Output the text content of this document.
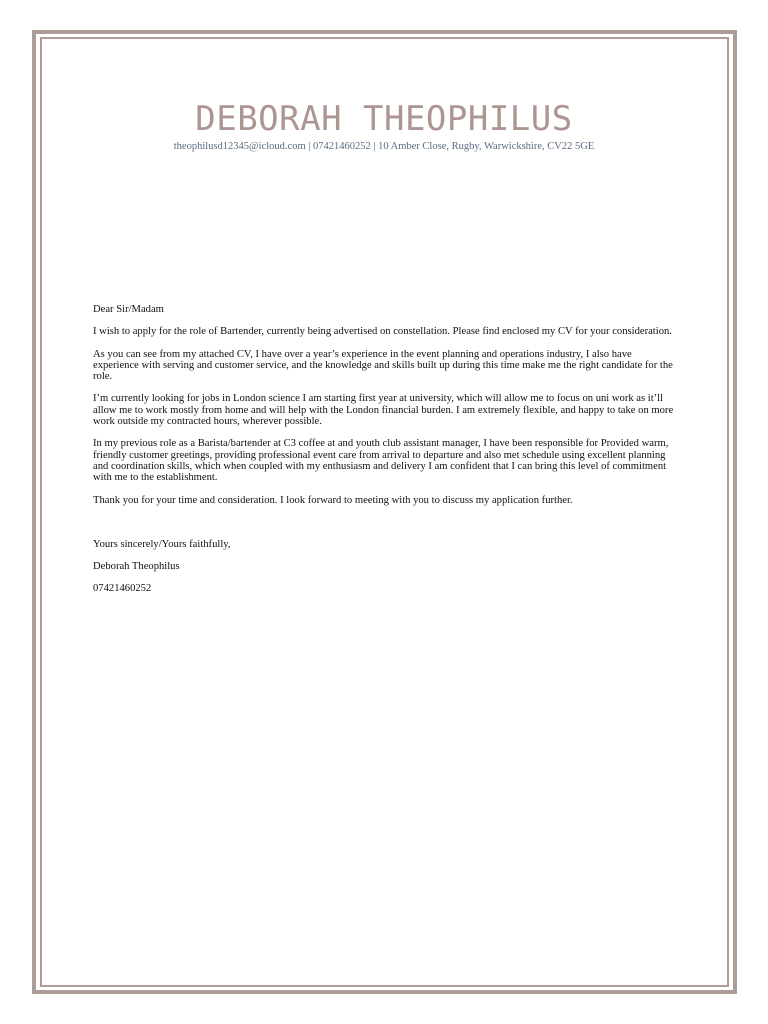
DEBORAH THEOPHILUS
theophilusd12345@icloud.com | 07421460252 | 10 Amber Close, Rugby, Warwickshire, CV22 5GE

Dear Sir/Madam

I wish to apply for the role of Bartender, currently being advertised on constellation. Please find enclosed my CV for your consideration.

As you can see from my attached CV, I have over a year’s experience in the event planning and operations industry, I also have experience with serving and customer service, and the knowledge and skills built up during this time make me the right candidate for the role.

I’m currently looking for jobs in London science I am starting first year at university, which will allow me to focus on uni work as it’ll allow me to work mostly from home and will help with the London financial burden. I am extremely flexible, and happy to take on more work outside my contracted hours, wherever possible.

In my previous role as a Barista/bartender at C3 coffee at and youth club assistant manager, I have been responsible for Provided warm, friendly customer greetings, providing professional event care from arrival to departure and also met schedule using excellent planning and coordination skills, which when coupled with my enthusiasm and delivery I am confident that I can bring this level of commitment with me to the establishment.

Thank you for your time and consideration. I look forward to meeting with you to discuss my application further.

Yours sincerely/Yours faithfully,

Deborah Theophilus

07421460252
